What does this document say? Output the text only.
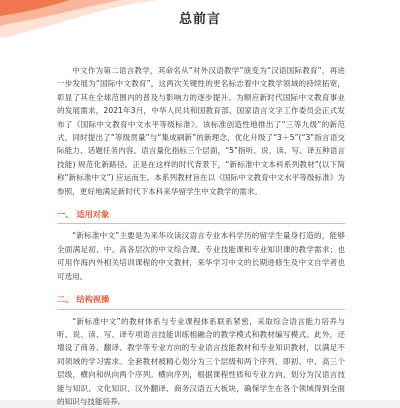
总前言

中文作为第二语言教学，其命名从“对外汉语教学”演变为“汉语国际教育”，再进一步发展为“国际中文教育”，这两次关键性的更名标志着中文教学领域的持续拓宽，彰显了其在全球范围内的普及与影响力的逐步提升。为顺应新时代国际中文教育事业的发展需求，2021年3月，中华人民共和国教育部、国家语言文字工作委员会正式发布了《国际中文教育中文水平等级标准》。该标准创造性地推出了“三等九级”的新范式，同时提出了“等级贯量”与“集成刷新”的新理念，优化升级了“3＋5”(“3”指言语交际能力、话题任务内容、语言量化指标三个层面，“5”指听、说、读、写、译五种语言技能) 规范化新路径。正是在这样的时代背景下，“新标准中文本科系列教材”(以下简称“新标准中文”) 应运而生。本系列教材旨在以《国际中文教育中文水平等级标准》为参照，更好地满足新时代下本科来华留学生中文教学的需求。

一、 适用对象

“新标准中文”主要是为来华攻读汉语言专业本科学历的留学生量身打造的，能够全面满足初、中、高各层次的中文综合课、专业技能课和专业知识课的教学需求；也可用作海内外相关培训课程的中文教材，来华学习中文的长期进修生及中文自学者也可选用。

二、 结构视操

“新标准中文”的教材体系与专业课程体系联系紧密，采取综合语言能力培养与听、说、读、写、译专项语言技能训练相融合的教学模式和教材编写模式。此外，还增设了商务、翻译、教学等专业方向的专业语言技能教材和专业知识教材，以满足不同领域的学习需求。全套教材被精心划分为三个层级和两个序列，即初、中、高三个层级，横向和纵向两个序列。横向序列，根据课程性质和专业方向，划分为汉语言技能与知识、文化知识、汉外翻译、商务汉语五大板块，确保学生在各个领域得到全面的知识与技能培养。
